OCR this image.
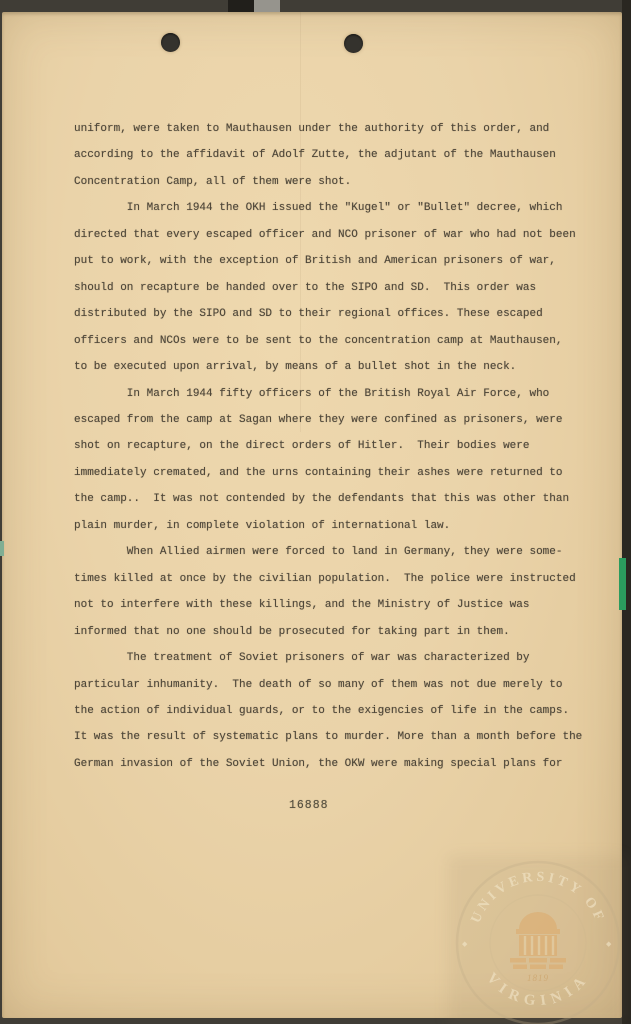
uniform, were taken to Mauthausen under the authority of this order, and
according to the affidavit of Adolf Zutte, the adjutant of the Mauthausen
Concentration Camp, all of them were shot.
In March 1944 the OKH issued the "Kugel" or "Bullet" decree, which
directed that every escaped officer and NCO prisoner of war who had not been
put to work, with the exception of British and American prisoners of war,
should on recapture be handed over to the SIPO and SD.  This order was
distributed by the SIPO and SD to their regional offices. These escaped
officers and NCOs were to be sent to the concentration camp at Mauthausen,
to be executed upon arrival, by means of a bullet shot in the neck.
In March 1944 fifty officers of the British Royal Air Force, who
escaped from the camp at Sagan where they were confined as prisoners, were
shot on recapture, on the direct orders of Hitler.  Their bodies were
immediately cremated, and the urns containing their ashes were returned to
the camp..  It was not contended by the defendants that this was other than
plain murder, in complete violation of international law.
When Allied airmen were forced to land in Germany, they were some-
times killed at once by the civilian population.  The police were instructed
not to interfere with these killings, and the Ministry of Justice was
informed that no one should be prosecuted for taking part in them.
The treatment of Soviet prisoners of war was characterized by
particular inhumanity.  The death of so many of them was not due merely to
the action of individual guards, or to the exigencies of life in the camps.
It was the result of systematic plans to murder. More than a month before the
German invasion of the Soviet Union, the OKW were making special plans for
16888
UNIVERSITY OF
VIRGINIA
◆	◆
1819
